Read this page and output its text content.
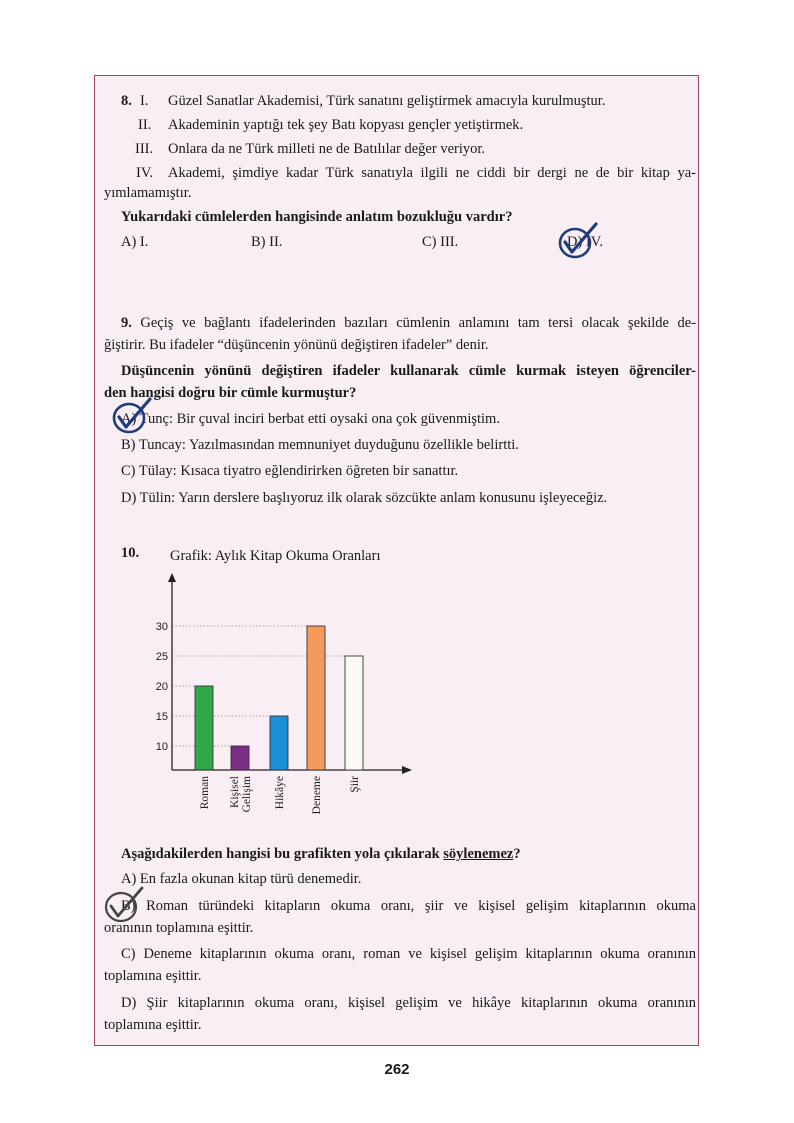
8. I. Güzel Sanatlar Akademisi, Türk sanatını geliştirmek amacıyla kurulmuştur.
II. Akademinin yaptığı tek şey Batı kopyası gençler yetiştirmek.
III. Onlara da ne Türk milleti ne de Batılılar değer veriyor.
IV. Akademi, şimdiye kadar Türk sanatıyla ilgili ne ciddi bir dergi ne de bir kitap ya-
yımlamamıştır.
Yukarıdaki cümlelerden hangisinde anlatım bozukluğu vardır?
A) I.	B) II.	C) III.	D) IV.
9. Geçiş ve bağlantı ifadelerinden bazıları cümlenin anlamını tam tersi olacak şekilde de-
ğiştirir. Bu ifadeler “düşüncenin yönünü değiştiren ifadeler” denir.
Düşüncenin yönünü değiştiren ifadeler kullanarak cümle kurmak isteyen öğrenciler-
den hangisi doğru bir cümle kurmuştur?
A) Tunç: Bir çuval inciri berbat etti oysaki ona çok güvenmiştim.
B) Tuncay: Yazılmasından memnuniyet duyduğunu özellikle belirtti.
C) Tülay: Kısaca tiyatro eğlendirirken öğreten bir sanattır.
D) Tülin: Yarın derslere başlıyoruz ilk olarak sözcükte anlam konusunu işleyeceğiz.
10. Grafik: Aylık Kitap Okuma Oranları
10
15
20
25
30
Roman Kişisel Gelişim Hikâye Deneme Şiir
Aşağıdakilerden hangisi bu grafikten yola çıkılarak söylenemez?
A) En fazla okunan kitap türü denemedir.
B) Roman türündeki kitapların okuma oranı, şiir ve kişisel gelişim kitaplarının okuma
oranının toplamına eşittir.
C) Deneme kitaplarının okuma oranı, roman ve kişisel gelişim kitaplarının okuma oranının
toplamına eşittir.
D) Şiir kitaplarının okuma oranı, kişisel gelişim ve hikâye kitaplarının okuma oranının
toplamına eşittir.
262
